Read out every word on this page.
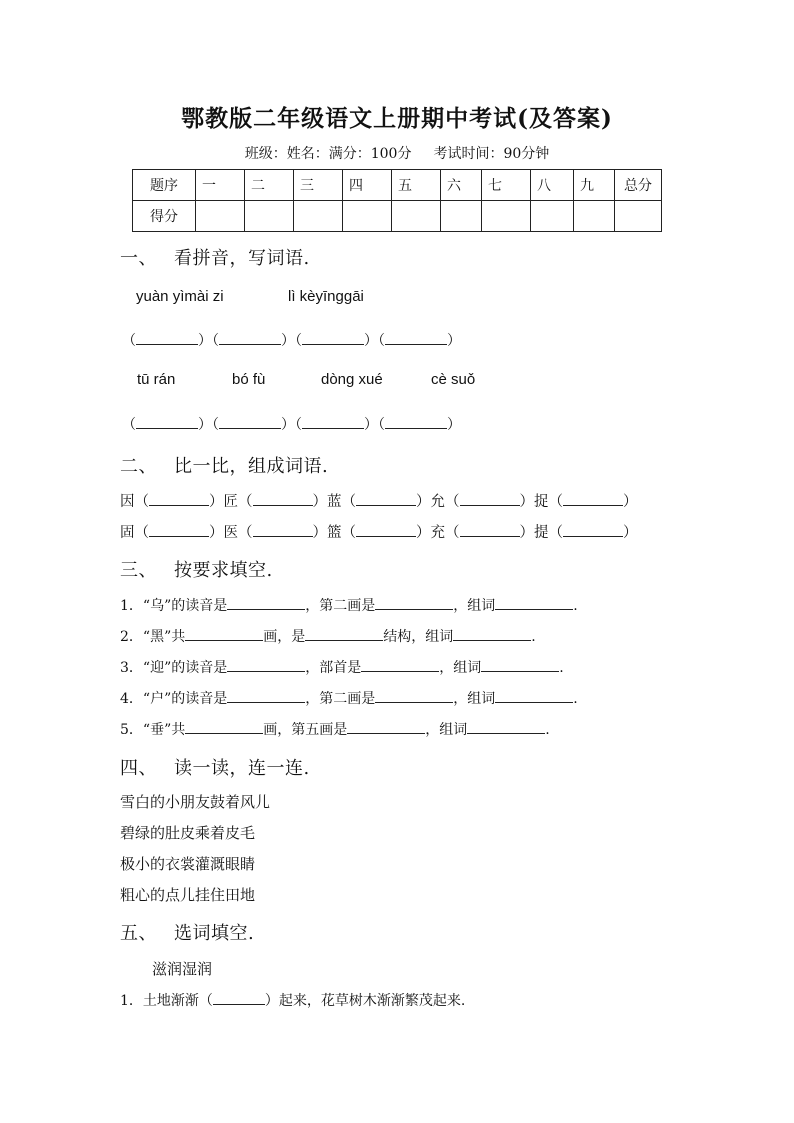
鄂教版二年级语文上册期中考试(及答案)
班级：姓名：满分：100分 考试时间：90分钟
题序	一	二	三	四	五	六	七	八	九	总分
得分										
一、 看拼音，写词语.
yuàn yìmài zi	lì kèyīnggāi
（	）（	）（	）（	）
tū rán	bó fù	dòng xué	cè suǒ
（	）（	）（	）（	）
二、 比一比，组成词语.
因（	）匠（	）蓝（	）允（	）捉（	）
固（	）医（	）篮（	）充（	）提（	）
三、 按要求填空.
1．“乌”的读音是	，第二画是	，组词	.
2．“黑”共	画，是	结构，组词	.
3．“迎”的读音是	，部首是	，组词	.
4．“户”的读音是	，第二画是	，组词	.
5．“垂”共	画，第五画是	，组词	.
四、 读一读，连一连.
雪白的小朋友鼓着风儿
碧绿的肚皮乘着皮毛
极小的衣裳灌溉眼睛
粗心的点儿挂住田地
五、 选词填空.
滋润湿润
1．土地渐渐（	）起来，花草树木渐渐繁茂起来.
